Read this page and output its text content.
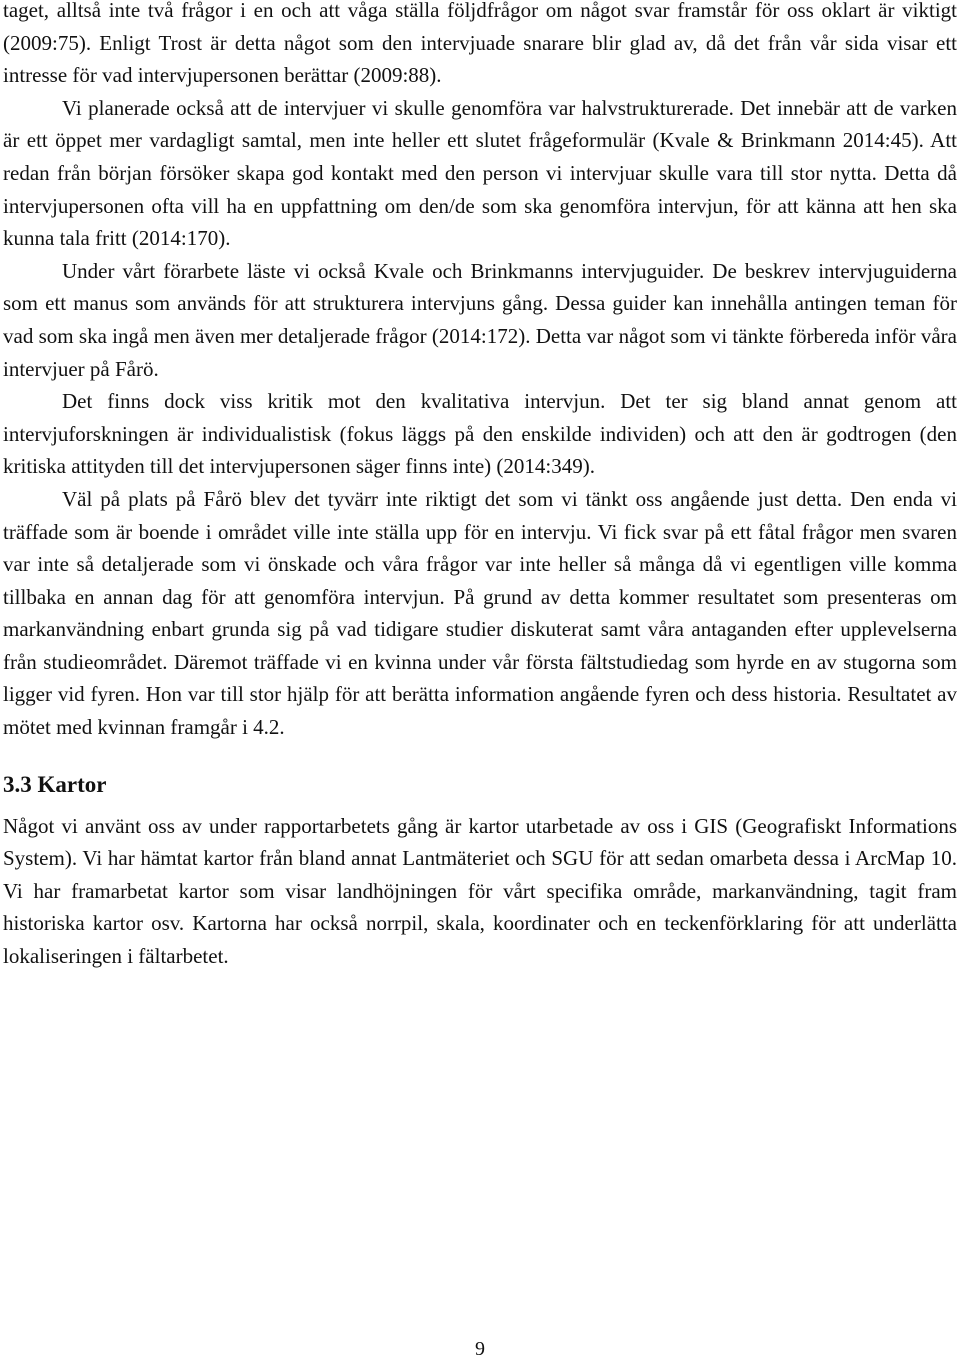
taget, alltså inte två frågor i en och att våga ställa följdfrågor om något svar framstår för oss oklart är viktigt (2009:75). Enligt Trost är detta något som den intervjuade snarare blir glad av, då det från vår sida visar ett intresse för vad intervjupersonen berättar (2009:88).

Vi planerade också att de intervjuer vi skulle genomföra var halvstrukturerade. Det innebär att de varken är ett öppet mer vardagligt samtal, men inte heller ett slutet frågeformulär (Kvale & Brinkmann 2014:45). Att redan från början försöker skapa god kontakt med den person vi intervjuar skulle vara till stor nytta. Detta då intervjupersonen ofta vill ha en uppfattning om den/de som ska genomföra intervjun, för att känna att hen ska kunna tala fritt (2014:170).

Under vårt förarbete läste vi också Kvale och Brinkmanns intervjuguider. De beskrev intervjuguiderna som ett manus som används för att strukturera intervjuns gång. Dessa guider kan innehålla antingen teman för vad som ska ingå men även mer detaljerade frågor (2014:172). Detta var något som vi tänkte förbereda inför våra intervjuer på Fårö.

Det finns dock viss kritik mot den kvalitativa intervjun. Det ter sig bland annat genom att intervjuforskningen är individualistisk (fokus läggs på den enskilde individen) och att den är godtrogen (den kritiska attityden till det intervjupersonen säger finns inte) (2014:349).

Väl på plats på Fårö blev det tyvärr inte riktigt det som vi tänkt oss angående just detta. Den enda vi träffade som är boende i området ville inte ställa upp för en intervju. Vi fick svar på ett fåtal frågor men svaren var inte så detaljerade som vi önskade och våra frågor var inte heller så många då vi egentligen ville komma tillbaka en annan dag för att genomföra intervjun. På grund av detta kommer resultatet som presenteras om markanvändning enbart grunda sig på vad tidigare studier diskuterat samt våra antaganden efter upplevelserna från studieområdet. Däremot träffade vi en kvinna under vår första fältstudiedag som hyrde en av stugorna som ligger vid fyren. Hon var till stor hjälp för att berätta information angående fyren och dess historia. Resultatet av mötet med kvinnan framgår i 4.2.

3.3 Kartor

Något vi använt oss av under rapportarbetets gång är kartor utarbetade av oss i GIS (Geografiskt Informations System). Vi har hämtat kartor från bland annat Lantmäteriet och SGU för att sedan omarbeta dessa i ArcMap 10. Vi har framarbetat kartor som visar landhöjningen för vårt specifika område, markanvändning, tagit fram historiska kartor osv. Kartorna har också norrpil, skala, koordinater och en teckenförklaring för att underlätta lokaliseringen i fältarbetet.

9
